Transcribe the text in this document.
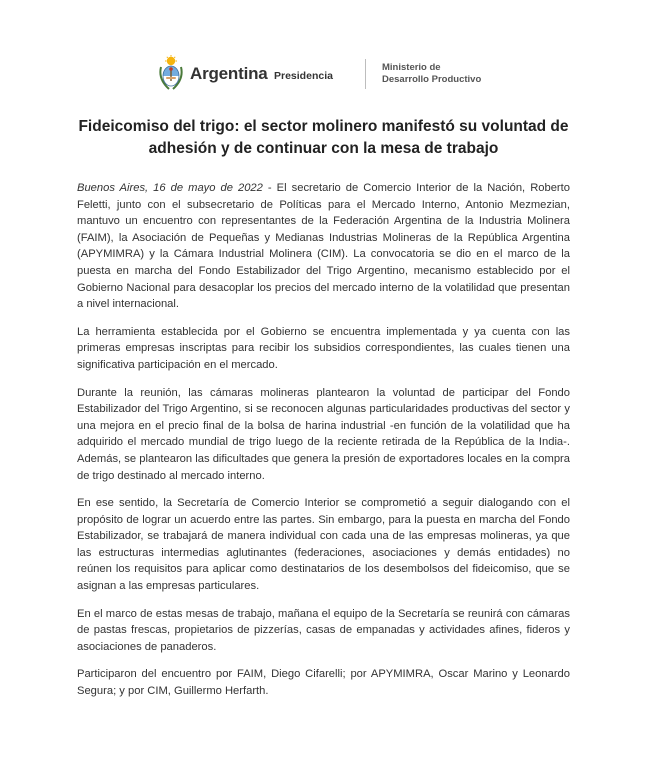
Argentina Presidencia
Ministerio de
Desarrollo Productivo
Fideicomiso del trigo: el sector molinero manifestó su voluntad de adhesión y de continuar con la mesa de trabajo

Buenos Aires, 16 de mayo de 2022 - El secretario de Comercio Interior de la Nación, Roberto Feletti, junto con el subsecretario de Políticas para el Mercado Interno, Antonio Mezmezian, mantuvo un encuentro con representantes de la Federación Argentina de la Industria Molinera (FAIM), la Asociación de Pequeñas y Medianas Industrias Molineras de la República Argentina (APYMIMRA) y la Cámara Industrial Molinera (CIM). La convocatoria se dio en el marco de la puesta en marcha del Fondo Estabilizador del Trigo Argentino, mecanismo establecido por el Gobierno Nacional para desacoplar los precios del mercado interno de la volatilidad que presentan a nivel internacional.

La herramienta establecida por el Gobierno se encuentra implementada y ya cuenta con las primeras empresas inscriptas para recibir los subsidios correspondientes, las cuales tienen una significativa participación en el mercado.

Durante la reunión, las cámaras molineras plantearon la voluntad de participar del Fondo Estabilizador del Trigo Argentino, si se reconocen algunas particularidades productivas del sector y una mejora en el precio final de la bolsa de harina industrial -en función de la volatilidad que ha adquirido el mercado mundial de trigo luego de la reciente retirada de la República de la India-. Además, se plantearon las dificultades que genera la presión de exportadores locales en la compra de trigo destinado al mercado interno.

En ese sentido, la Secretaría de Comercio Interior se comprometió a seguir dialogando con el propósito de lograr un acuerdo entre las partes. Sin embargo, para la puesta en marcha del Fondo Estabilizador, se trabajará de manera individual con cada una de las empresas molineras, ya que las estructuras intermedias aglutinantes (federaciones, asociaciones y demás entidades) no reúnen los requisitos para aplicar como destinatarios de los desembolsos del fideicomiso, que se asignan a las empresas particulares.

En el marco de estas mesas de trabajo, mañana el equipo de la Secretaría se reunirá con cámaras de pastas frescas, propietarios de pizzerías, casas de empanadas y actividades afines, fideros y asociaciones de panaderos.

Participaron del encuentro por FAIM, Diego Cifarelli; por APYMIMRA, Oscar Marino y Leonardo Segura; y por CIM, Guillermo Herfarth.
